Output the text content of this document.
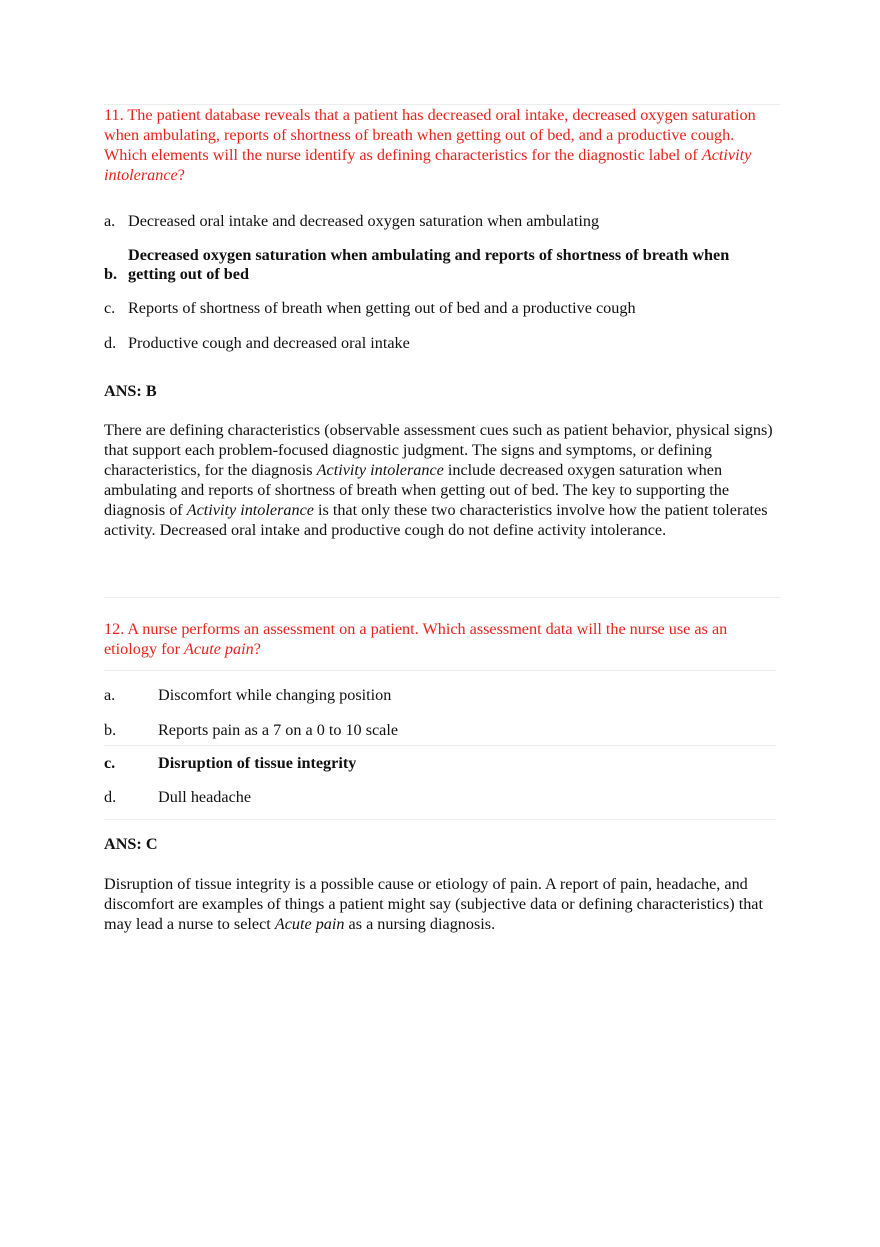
11. The patient database reveals that a patient has decreased oral intake, decreased oxygen saturation when ambulating, reports of shortness of breath when getting out of bed, and a productive cough. Which elements will the nurse identify as defining characteristics for the diagnostic label of Activity intolerance?

a. Decreased oral intake and decreased oxygen saturation when ambulating
b.
Decreased oxygen saturation when ambulating and reports of shortness of breath when getting out of bed
c. Reports of shortness of breath when getting out of bed and a productive cough
d. Productive cough and decreased oral intake

ANS: B

There are defining characteristics (observable assessment cues such as patient behavior, physical signs) that support each problem-focused diagnostic judgment. The signs and symptoms, or defining characteristics, for the diagnosis Activity intolerance include decreased oxygen saturation when ambulating and reports of shortness of breath when getting out of bed. The key to supporting the diagnosis of Activity intolerance is that only these two characteristics involve how the patient tolerates activity. Decreased oral intake and productive cough do not define activity intolerance.

12. A nurse performs an assessment on a patient. Which assessment data will the nurse use as an etiology for Acute pain?

a.	Discomfort while changing position
b.	Reports pain as a 7 on a 0 to 10 scale
c.	Disruption of tissue integrity
d.	Dull headache

ANS: C

Disruption of tissue integrity is a possible cause or etiology of pain. A report of pain, headache, and discomfort are examples of things a patient might say (subjective data or defining characteristics) that may lead a nurse to select Acute pain as a nursing diagnosis.
